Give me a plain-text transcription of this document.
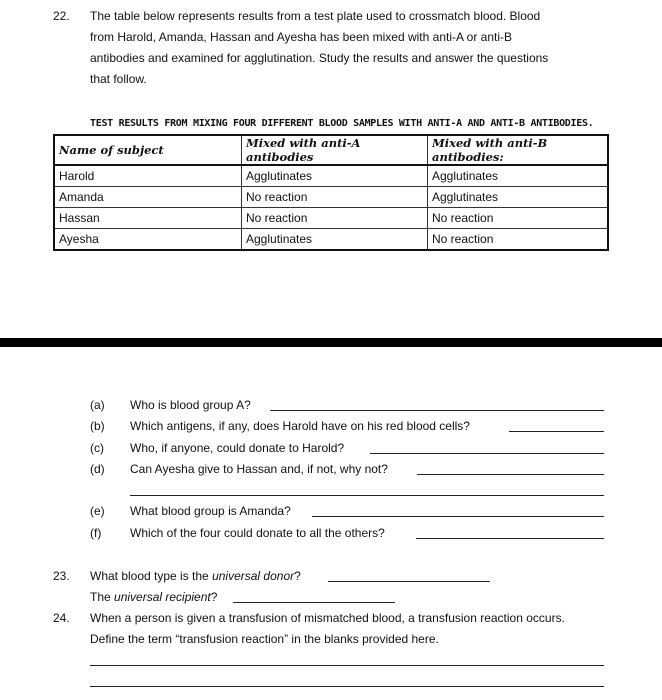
22. The table below represents results from a test plate used to crossmatch blood. Blood
from Harold, Amanda, Hassan and Ayesha has been mixed with anti-A or anti-B
antibodies and examined for agglutination. Study the results and answer the questions
that follow.
TEST RESULTS FROM MIXING FOUR DIFFERENT BLOOD SAMPLES WITH ANTI-A AND ANTI-B ANTIBODIES.
Name of subject	Mixed with anti-A antibodies	Mixed with anti-B antibodies:
Harold	Agglutinates	Agglutinates
Amanda	No reaction	Agglutinates
Hassan	No reaction	No reaction
Ayesha	Agglutinates	No reaction
(a) Who is blood group A?
(b) Which antigens, if any, does Harold have on his red blood cells?
(c) Who, if anyone, could donate to Harold?
(d) Can Ayesha give to Hassan and, if not, why not?
(e) What blood group is Amanda?
(f) Which of the four could donate to all the others?
23. What blood type is the universal donor?
The universal recipient?
24. When a person is given a transfusion of mismatched blood, a transfusion reaction occurs.
Define the term “transfusion reaction” in the blanks provided here.
